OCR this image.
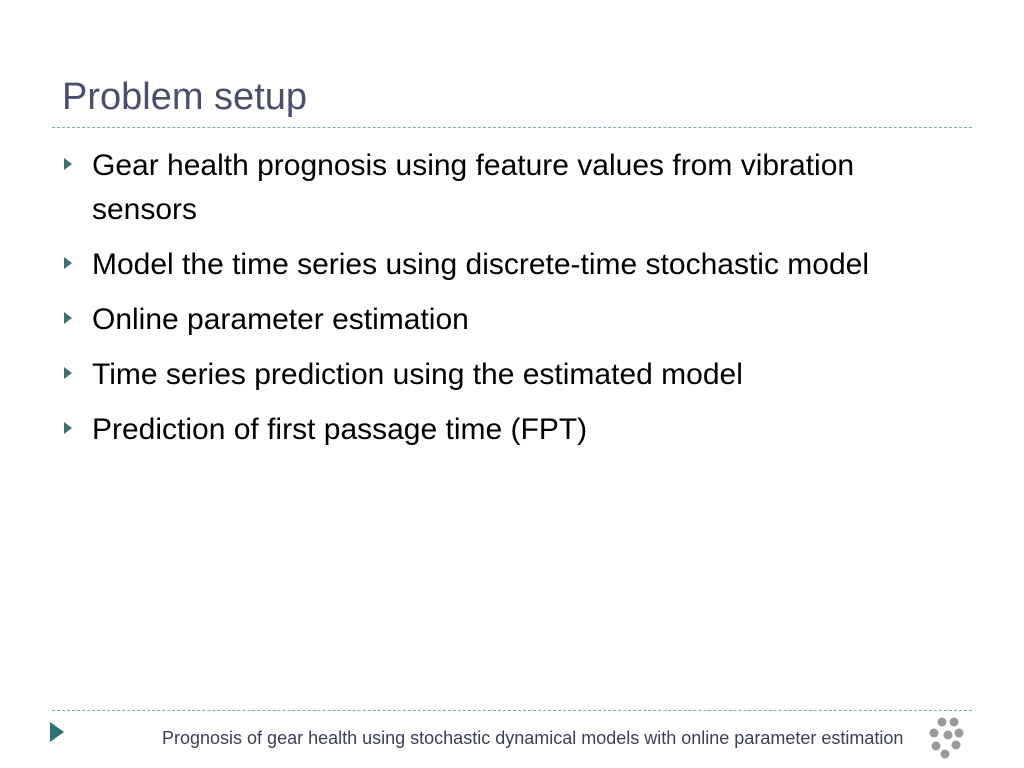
Problem setup
Gear health prognosis using feature values from vibration sensors
Model the time series using discrete-time stochastic model
Online parameter estimation
Time series prediction using the estimated model
Prediction of first passage time (FPT)
Prognosis of gear health using stochastic dynamical models with online parameter estimation
